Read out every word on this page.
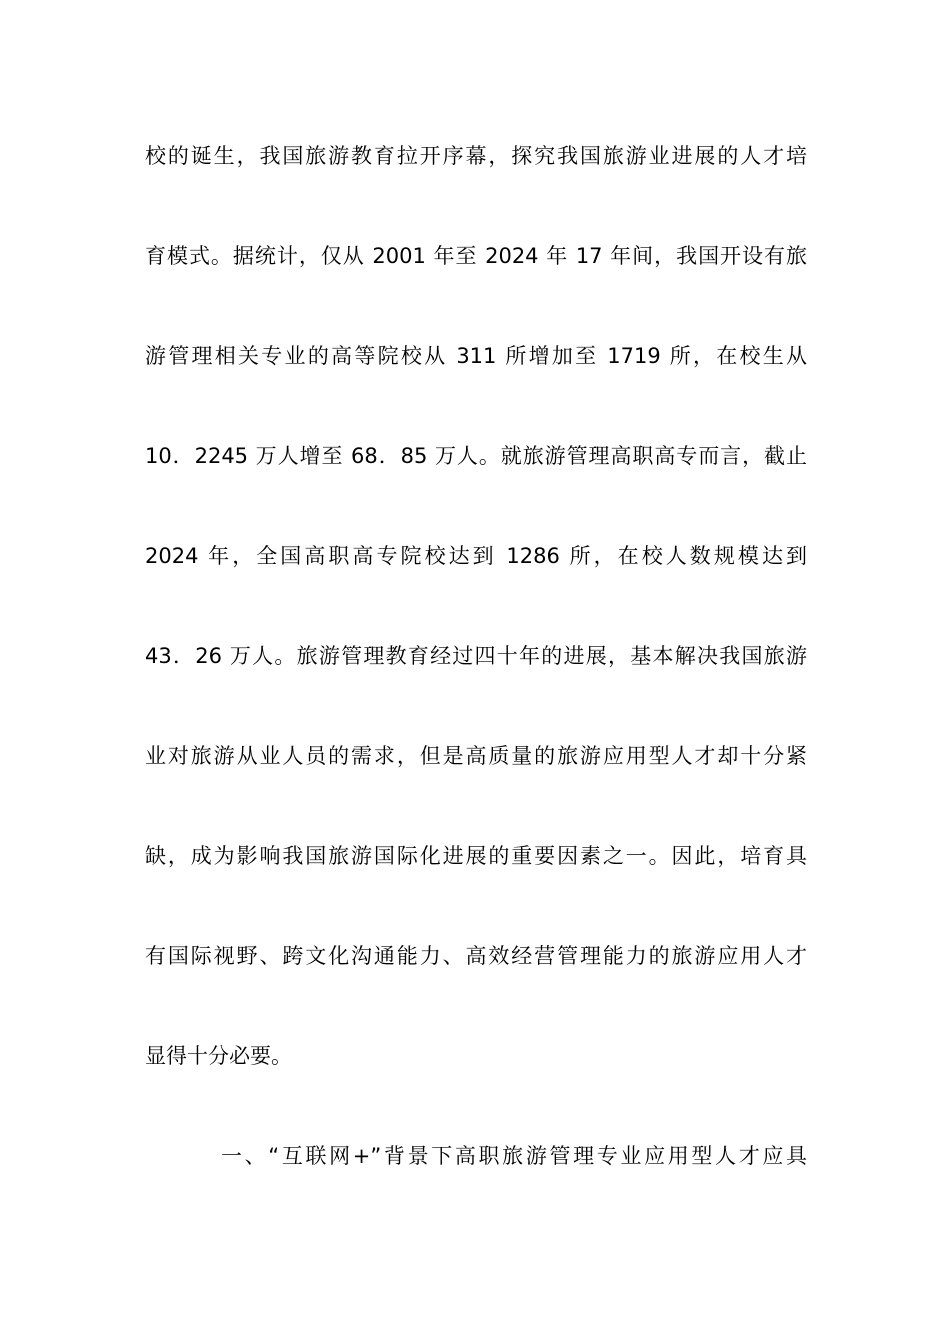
校的诞生，我国旅游教育拉开序幕，探究我国旅游业进展的人才培
育模式。据统计，仅从 2001 年至 2024 年 17 年间，我国开设有旅
游管理相关专业的高等院校从 311 所增加至 1719 所，在校生从
10．2245 万人增至 68．85 万人。就旅游管理高职高专而言，截止
2024 年，全国高职高专院校达到 1286 所，在校人数规模达到
43．26 万人。旅游管理教育经过四十年的进展，基本解决我国旅游
业对旅游从业人员的需求，但是高质量的旅游应用型人才却十分紧
缺，成为影响我国旅游国际化进展的重要因素之一。因此，培育具
有国际视野、跨文化沟通能力、高效经营管理能力的旅游应用人才
显得十分必要。
一、“互联网+”背景下高职旅游管理专业应用型人才应具
